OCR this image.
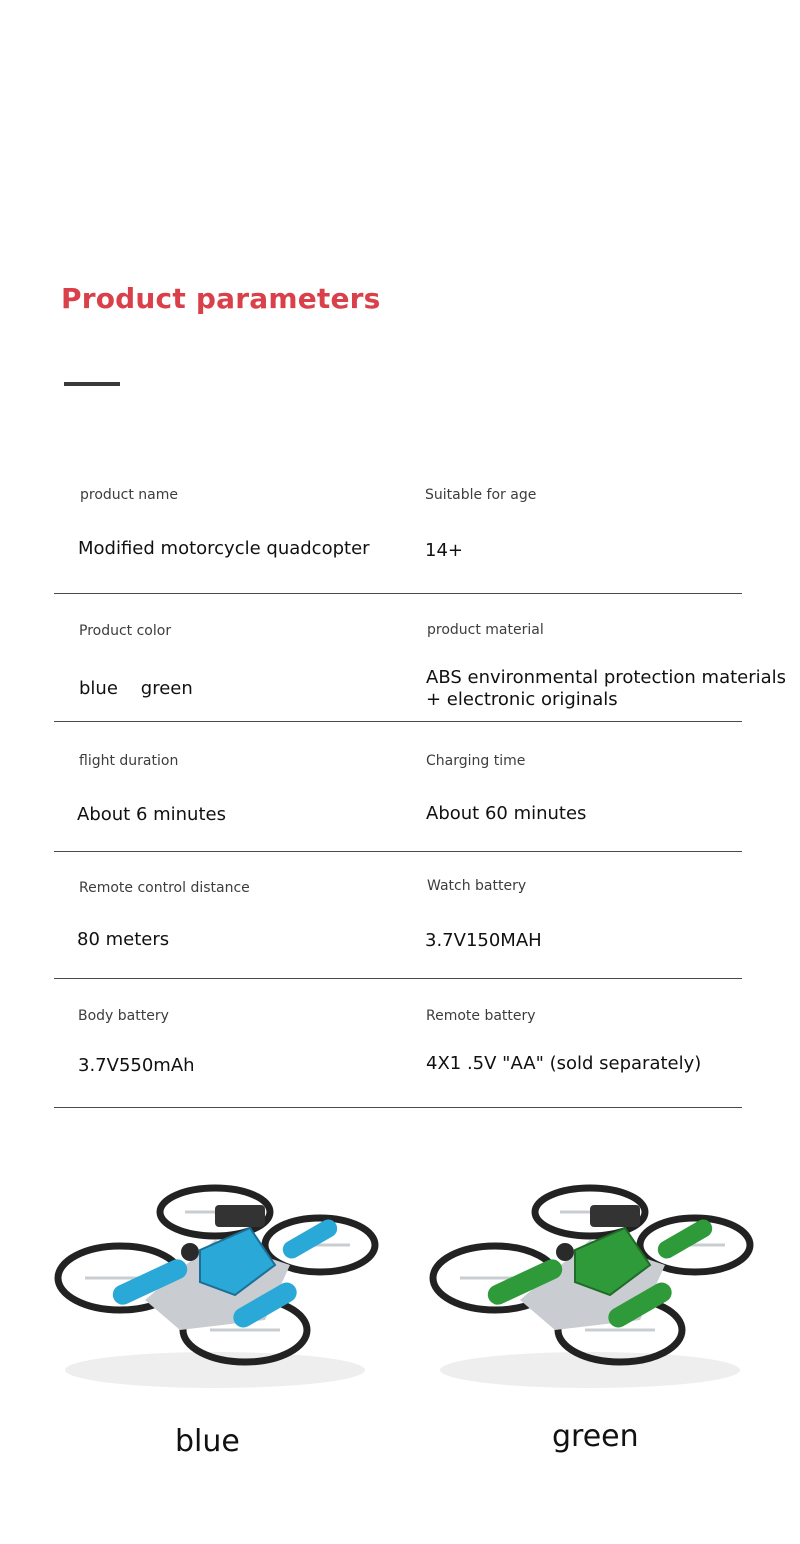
Product parameters
product name
Modified motorcycle quadcopter
Suitable for age
14+
Product color
blue    green
product material
ABS environmental protection materials
+ electronic originals
flight duration
About 6 minutes
Charging time
About 60 minutes
Remote control distance
80 meters
Watch battery
3.7V150MAH
Body battery
3.7V550mAh
Remote battery
4X1 .5V "AA" (sold separately)
blue	green
